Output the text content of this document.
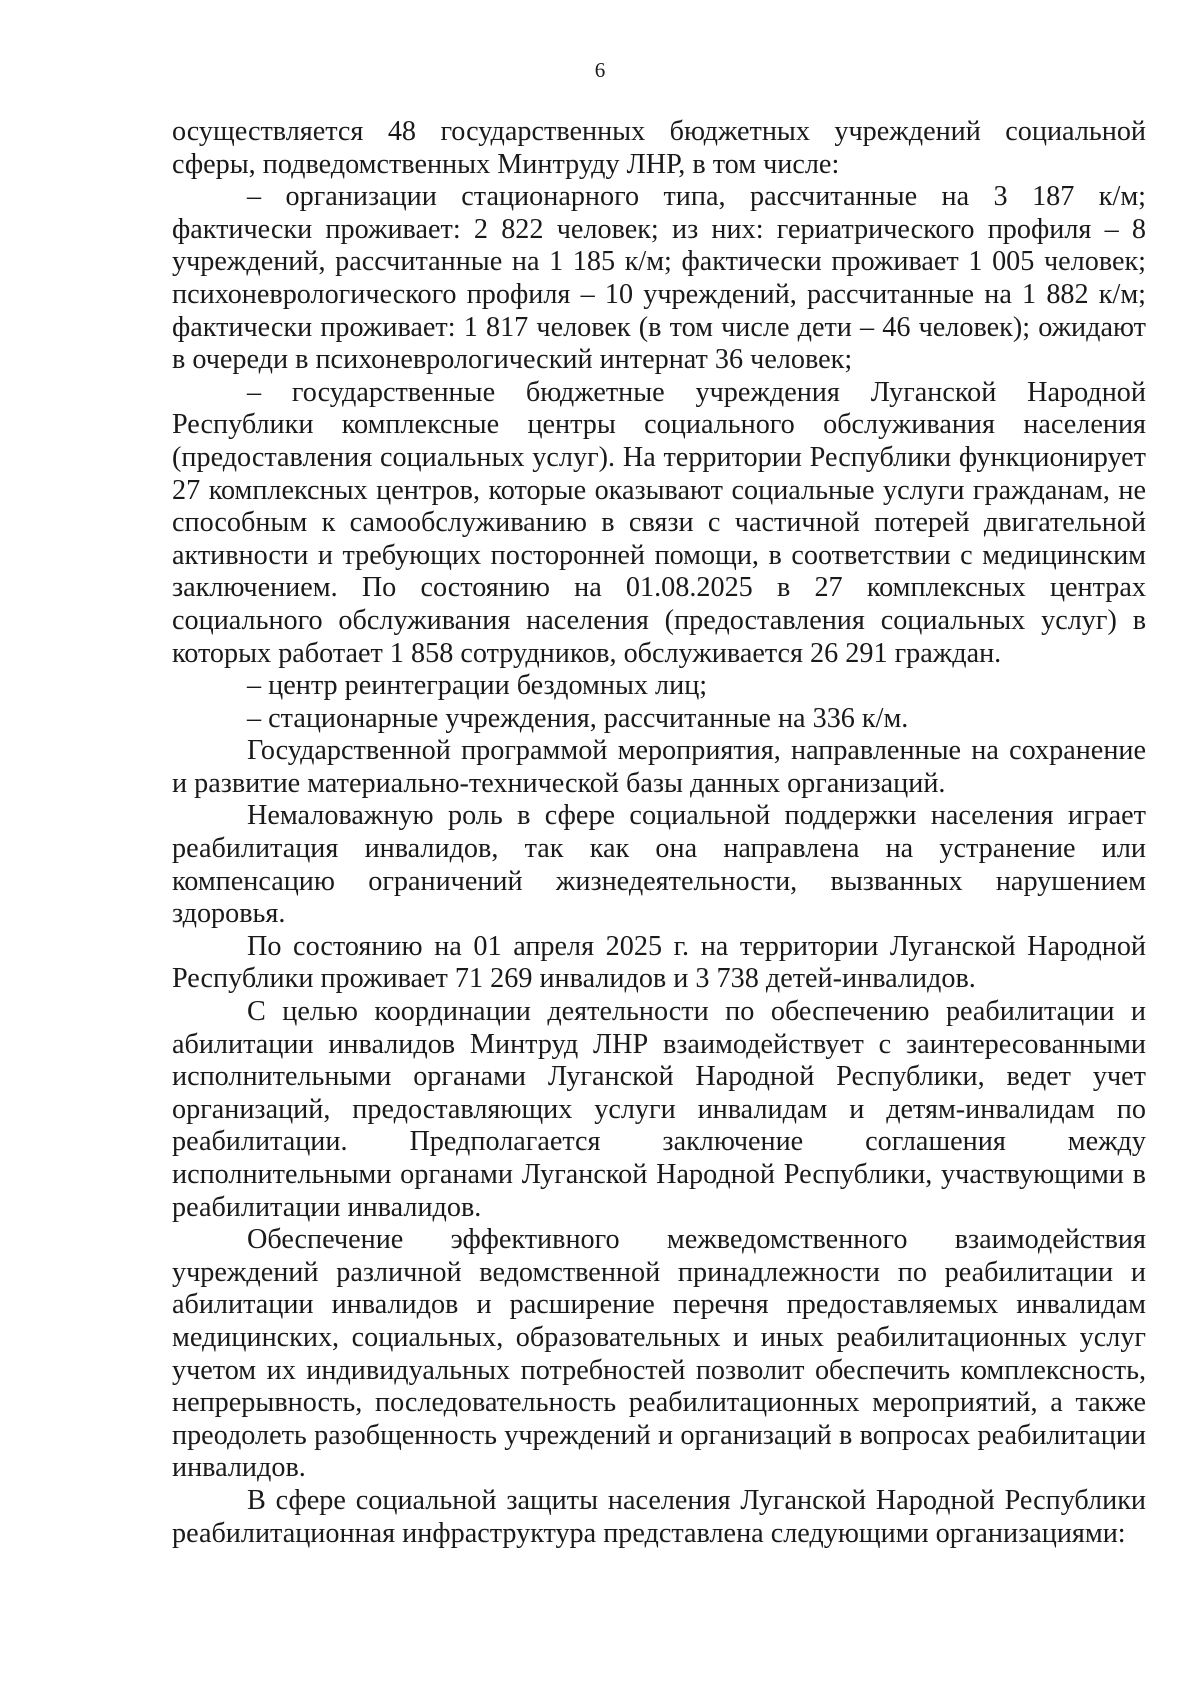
6

осуществляется 48 государственных бюджетных учреждений социальной сферы, подведомственных Минтруду ЛНР, в том числе:

– организации стационарного типа, рассчитанные на 3 187 к/м; фактически проживает: 2 822 человек; из них: гериатрического профиля – 8 учреждений, рассчитанные на 1 185 к/м; фактически проживает 1 005 человек; психоневрологического профиля – 10 учреждений, рассчитанные на 1 882 к/м; фактически проживает: 1 817 человек (в том числе дети – 46 человек); ожидают в очереди в психоневрологический интернат 36 человек;

– государственные бюджетные учреждения Луганской Народной Республики комплексные центры социального обслуживания населения (предоставления социальных услуг). На территории Республики функционирует 27 комплексных центров, которые оказывают социальные услуги гражданам, не способным к самообслуживанию в связи с частичной потерей двигательной активности и требующих посторонней помощи, в соответствии с медицинским заключением. По состоянию на 01.08.2025 в 27 комплексных центрах социального обслуживания населения (предоставления социальных услуг) в которых работает 1 858 сотрудников, обслуживается 26 291 граждан.

– центр реинтеграции бездомных лиц;

– стационарные учреждения, рассчитанные на 336 к/м.

Государственной программой мероприятия, направленные на сохранение и развитие материально-технической базы данных организаций.

Немаловажную роль в сфере социальной поддержки населения играет реабилитация инвалидов, так как она направлена на устранение или компенсацию ограничений жизнедеятельности, вызванных нарушением здоровья.

По состоянию на 01 апреля 2025 г. на территории Луганской Народной Республики проживает 71 269 инвалидов и 3 738 детей-инвалидов.

С целью координации деятельности по обеспечению реабилитации и абилитации инвалидов Минтруд ЛНР взаимодействует с заинтересованными исполнительными органами Луганской Народной Республики, ведет учет организаций, предоставляющих услуги инвалидам и детям-инвалидам по реабилитации. Предполагается заключение соглашения между исполнительными органами Луганской Народной Республики, участвующими в реабилитации инвалидов.

Обеспечение эффективного межведомственного взаимодействия учреждений различной ведомственной принадлежности по реабилитации и абилитации инвалидов и расширение перечня предоставляемых инвалидам медицинских, социальных, образовательных и иных реабилитационных услуг учетом их индивидуальных потребностей позволит обеспечить комплексность, непрерывность, последовательность реабилитационных мероприятий, а также преодолеть разобщенность учреждений и организаций в вопросах реабилитации инвалидов.

В сфере социальной защиты населения Луганской Народной Республики реабилитационная инфраструктура представлена следующими организациями:
